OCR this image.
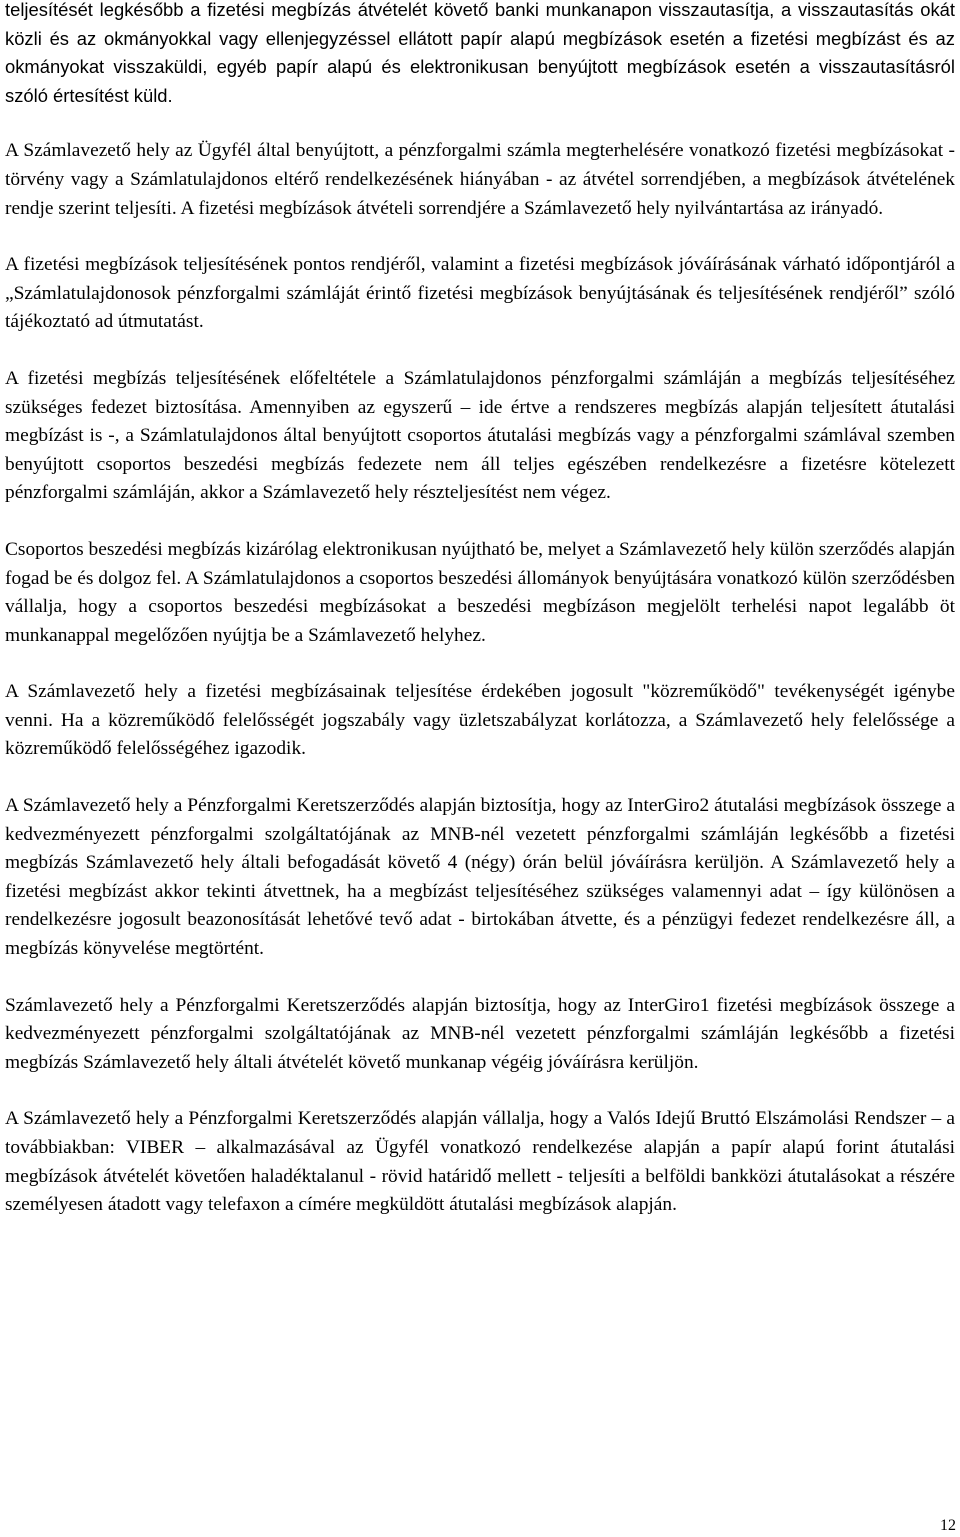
teljesítését legkésőbb a fizetési megbízás átvételét követő banki munkanapon visszautasítja, a visszautasítás okát közli és az okmányokkal vagy ellenjegyzéssel ellátott papír alapú megbízások esetén a fizetési megbízást és az okmányokat visszaküldi, egyéb papír alapú és elektronikusan benyújtott megbízások esetén a visszautasításról szóló értesítést küld.

A Számlavezető hely az Ügyfél által benyújtott, a pénzforgalmi számla megterhelésére vonatkozó fizetési megbízásokat - törvény vagy a Számlatulajdonos eltérő rendelkezésének hiányában - az átvétel sorrendjében, a megbízások átvételének rendje szerint teljesíti. A fizetési megbízások átvételi sorrendjére a Számlavezető hely nyilvántartása az irányadó.

A fizetési megbízások teljesítésének pontos rendjéről, valamint a fizetési megbízások jóváírásának várható időpontjáról a „Számlatulajdonosok pénzforgalmi számláját érintő fizetési megbízások benyújtásának és teljesítésének rendjéről” szóló tájékoztató ad útmutatást.

A fizetési megbízás teljesítésének előfeltétele a Számlatulajdonos pénzforgalmi számláján a megbízás teljesítéséhez szükséges fedezet biztosítása. Amennyiben az egyszerű – ide értve a rendszeres megbízás alapján teljesített átutalási megbízást is -, a Számlatulajdonos által benyújtott csoportos átutalási megbízás vagy a pénzforgalmi számlával szemben benyújtott csoportos beszedési megbízás fedezete nem áll teljes egészében rendelkezésre a fizetésre kötelezett pénzforgalmi számláján, akkor a Számlavezető hely részteljesítést nem végez.

Csoportos beszedési megbízás kizárólag elektronikusan nyújtható be, melyet a Számlavezető hely külön szerződés alapján fogad be és dolgoz fel. A Számlatulajdonos a csoportos beszedési állományok benyújtására vonatkozó külön szerződésben vállalja, hogy a csoportos beszedési megbízásokat a beszedési megbízáson megjelölt terhelési napot legalább öt munkanappal megelőzően nyújtja be a Számlavezető helyhez.

A Számlavezető hely a fizetési megbízásainak teljesítése érdekében jogosult "közreműködő" tevékenységét igénybe venni. Ha a közreműködő felelősségét jogszabály vagy üzletszabályzat korlátozza, a Számlavezető hely felelőssége a közreműködő felelősségéhez igazodik.

A Számlavezető hely a Pénzforgalmi Keretszerződés alapján biztosítja, hogy az InterGiro2 átutalási megbízások összege a kedvezményezett pénzforgalmi szolgáltatójának az MNB-nél vezetett pénzforgalmi számláján legkésőbb a fizetési megbízás Számlavezető hely általi befogadását követő 4 (négy) órán belül jóváírásra kerüljön. A Számlavezető hely a fizetési megbízást akkor tekinti átvettnek, ha a megbízást teljesítéséhez szükséges valamennyi adat – így különösen a rendelkezésre jogosult beazonosítását lehetővé tevő adat - birtokában átvette, és a pénzügyi fedezet rendelkezésre áll, a megbízás könyvelése megtörtént.

Számlavezető hely a Pénzforgalmi Keretszerződés alapján biztosítja, hogy az InterGiro1 fizetési megbízások összege a kedvezményezett pénzforgalmi szolgáltatójának az MNB-nél vezetett pénzforgalmi számláján legkésőbb a fizetési megbízás Számlavezető hely általi átvételét követő munkanap végéig jóváírásra kerüljön.

A Számlavezető hely a Pénzforgalmi Keretszerződés alapján vállalja, hogy a Valós Idejű Bruttó Elszámolási Rendszer – a továbbiakban: VIBER – alkalmazásával az Ügyfél vonatkozó rendelkezése alapján a papír alapú forint átutalási megbízások átvételét követően haladéktalanul - rövid határidő mellett - teljesíti a belföldi bankközi átutalásokat a részére személyesen átadott vagy telefaxon a címére megküldött átutalási megbízások alapján.

12
